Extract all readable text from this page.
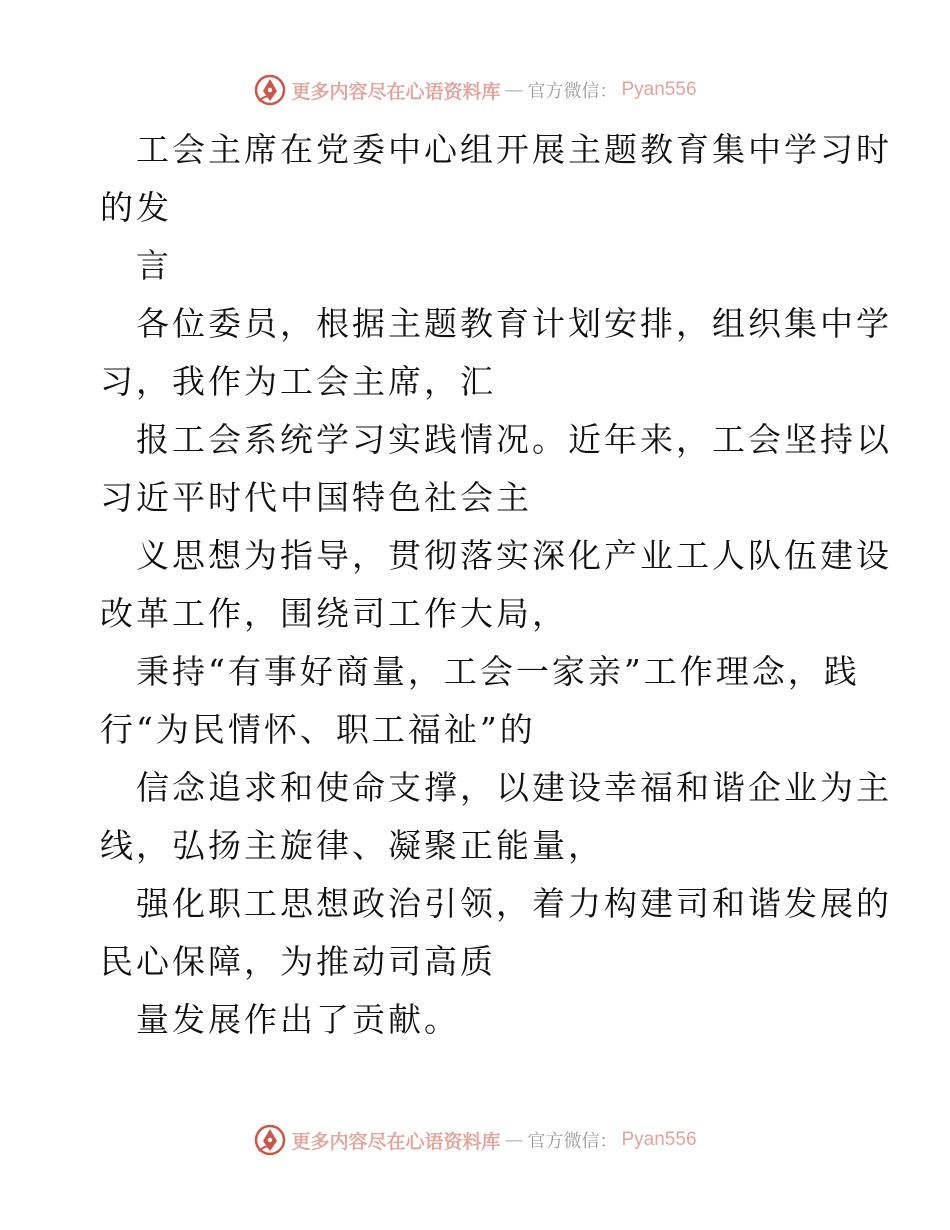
更多内容尽在心语资料库 — 官方微信： Pyan556
工会主席在党委中心组开展主题教育集中学习时
的发
言
各位委员，根据主题教育计划安排，组织集中学
习，我作为工会主席，汇
报工会系统学习实践情况。近年来，工会坚持以
习近平时代中国特色社会主
义思想为指导，贯彻落实深化产业工人队伍建设
改革工作，围绕司工作大局，
秉持“有事好商量，工会一家亲”工作理念，践
行“为民情怀、职工福祉”的
信念追求和使命支撑，以建设幸福和谐企业为主
线，弘扬主旋律、凝聚正能量，
强化职工思想政治引领，着力构建司和谐发展的
民心保障，为推动司高质
量发展作出了贡献。
更多内容尽在心语资料库 — 官方微信： Pyan556
